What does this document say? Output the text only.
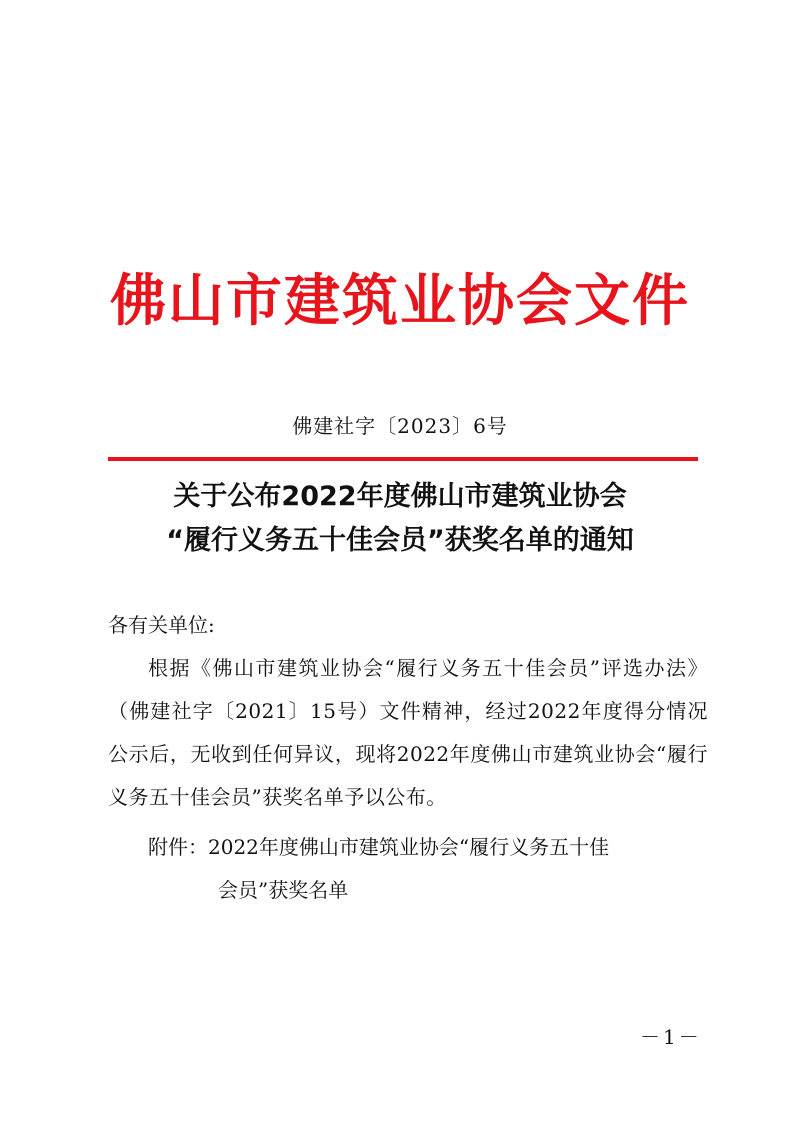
佛山市建筑业协会文件
佛建社字〔2023〕6号
关于公布2022年度佛山市建筑业协会
“履行义务五十佳会员”获奖名单的通知

各有关单位:

根据《佛山市建筑业协会“履行义务五十佳会员”评选办法》（佛建社字〔2021〕15号）文件精神，经过2022年度得分情况公示后，无收到任何异议，现将2022年度佛山市建筑业协会“履行义务五十佳会员”获奖名单予以公布。

附件：2022年度佛山市建筑业协会“履行义务五十佳
会员”获奖名单
－1－
